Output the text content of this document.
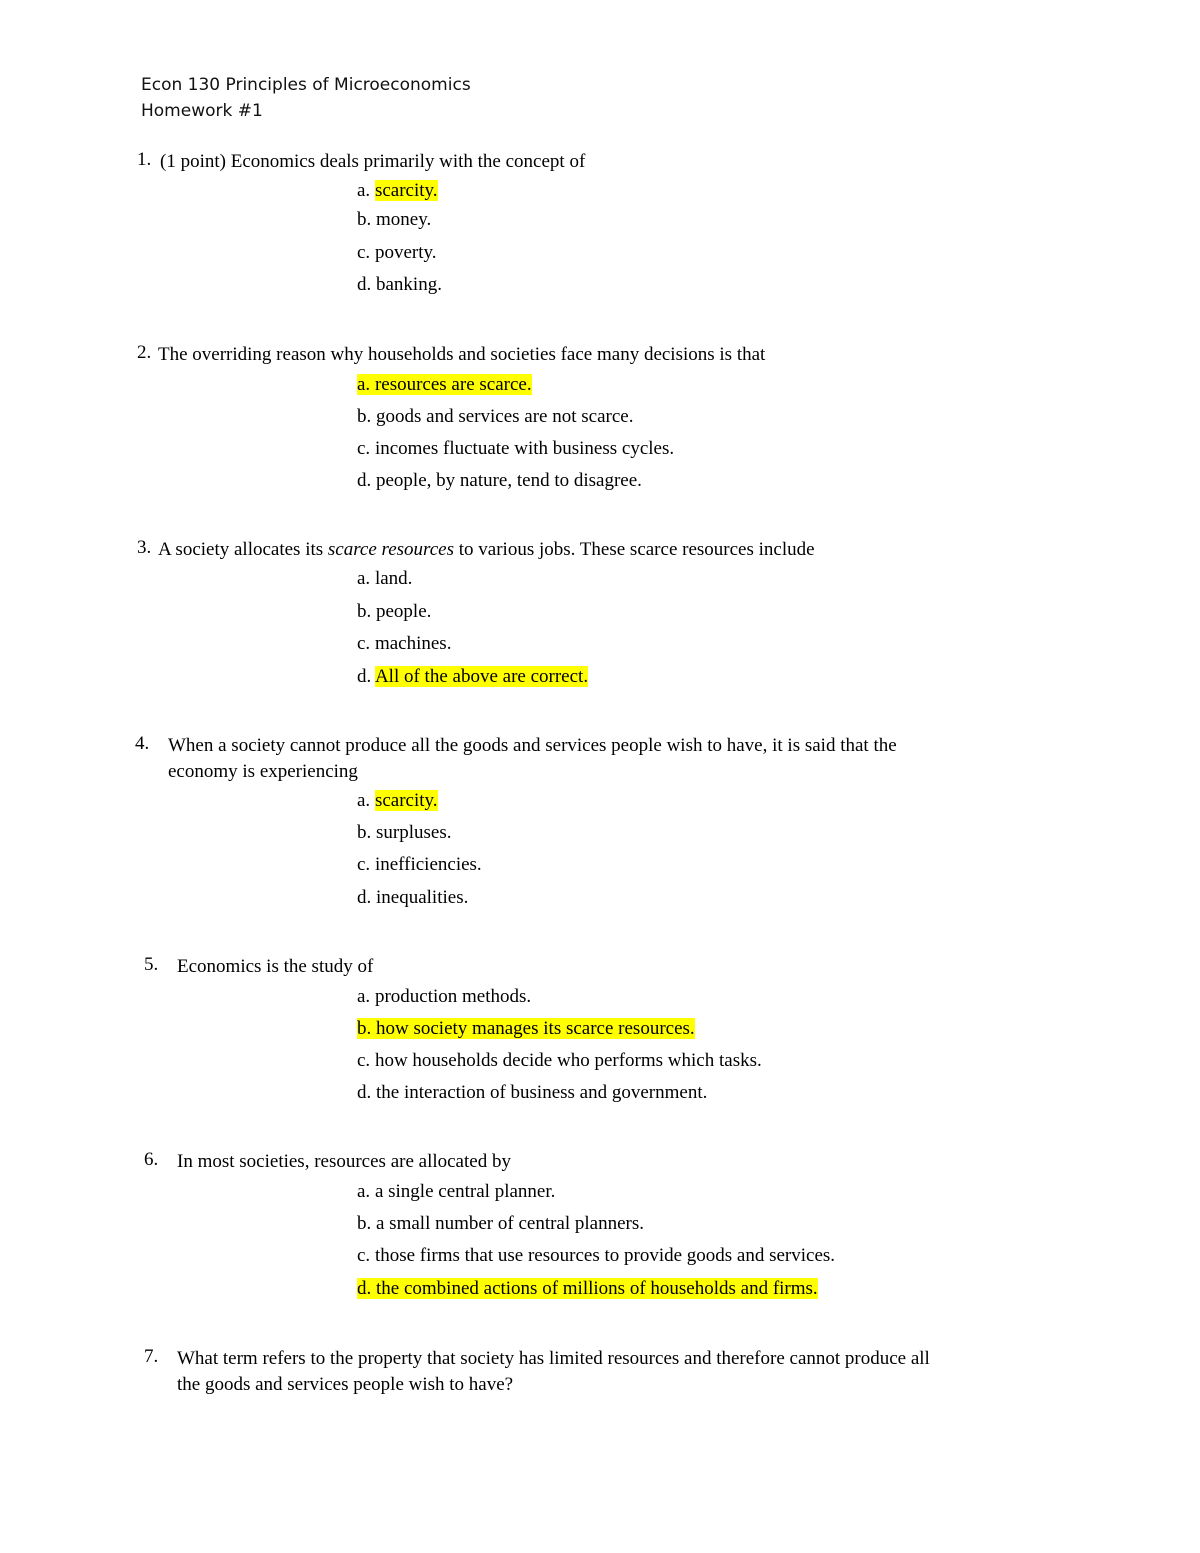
Econ 130 Principles of Microeconomics
Homework #1
1. (1 point) Economics deals primarily with the concept of
a. scarcity.
b. money.
c. poverty.
d. banking.
2. The overriding reason why households and societies face many decisions is that
a. resources are scarce.
b. goods and services are not scarce.
c. incomes fluctuate with business cycles.
d. people, by nature, tend to disagree.
3. A society allocates its scarce resources to various jobs. These scarce resources include
a. land.
b. people.
c. machines.
d. All of the above are correct.
4. When a society cannot produce all the goods and services people wish to have, it is said that the
economy is experiencing
a. scarcity.
b. surpluses.
c. inefficiencies.
d. inequalities.
5. Economics is the study of
a. production methods.
b. how society manages its scarce resources.
c. how households decide who performs which tasks.
d. the interaction of business and government.
6. In most societies, resources are allocated by
a. a single central planner.
b. a small number of central planners.
c. those firms that use resources to provide goods and services.
d. the combined actions of millions of households and firms.
7. What term refers to the property that society has limited resources and therefore cannot produce all
the goods and services people wish to have?
